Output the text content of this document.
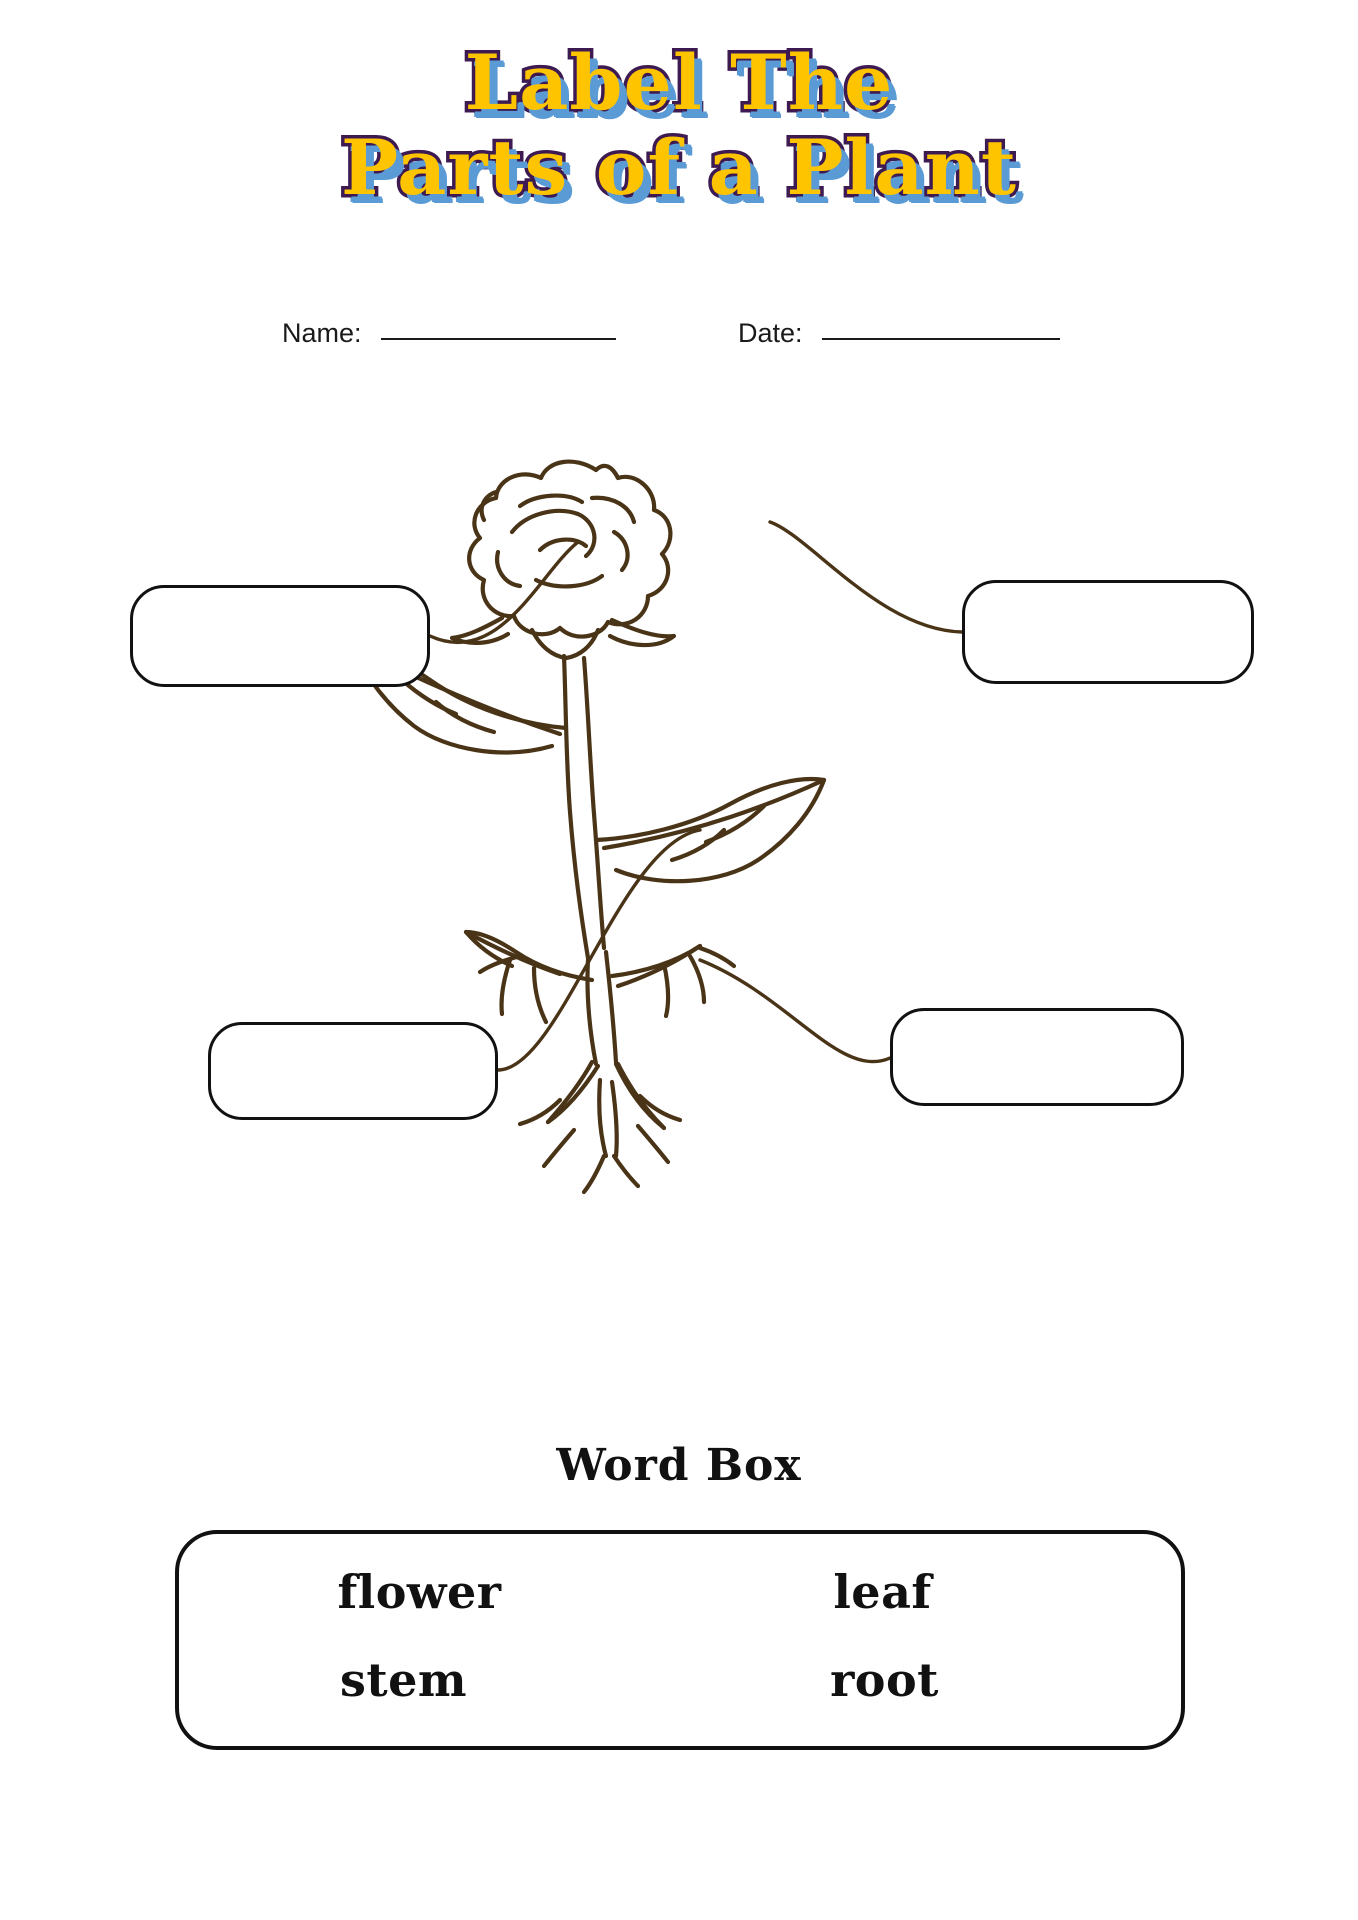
Label The
Parts of a Plant
Name:	Date:
Word Box
flower	leaf
stem	root
